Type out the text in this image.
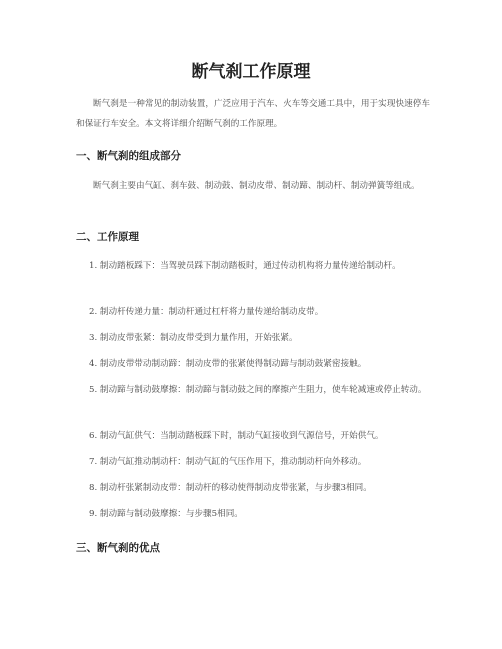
断气刹工作原理

断气刹是一种常见的制动装置，广泛应用于汽车、火车等交通工具中，用于实现快速停车和保证行车安全。本文将详细介绍断气刹的工作原理。

一、断气刹的组成部分

断气刹主要由气缸、刹车鼓、制动鼓、制动皮带、制动蹄、制动杆、制动弹簧等组成。

二、工作原理

1. 制动踏板踩下：当驾驶员踩下制动踏板时，通过传动机构将力量传递给制动杆。

2. 制动杆传递力量：制动杆通过杠杆将力量传递给制动皮带。

3. 制动皮带张紧：制动皮带受到力量作用，开始张紧。

4. 制动皮带带动制动蹄：制动皮带的张紧使得制动蹄与制动鼓紧密接触。

5. 制动蹄与制动鼓摩擦：制动蹄与制动鼓之间的摩擦产生阻力，使车轮减速或停止转动。

6. 制动气缸供气：当制动踏板踩下时，制动气缸接收到气源信号，开始供气。

7. 制动气缸推动制动杆：制动气缸的气压作用下，推动制动杆向外移动。

8. 制动杆张紧制动皮带：制动杆的移动使得制动皮带张紧，与步骤3相同。

9. 制动蹄与制动鼓摩擦：与步骤5相同。

三、断气刹的优点
